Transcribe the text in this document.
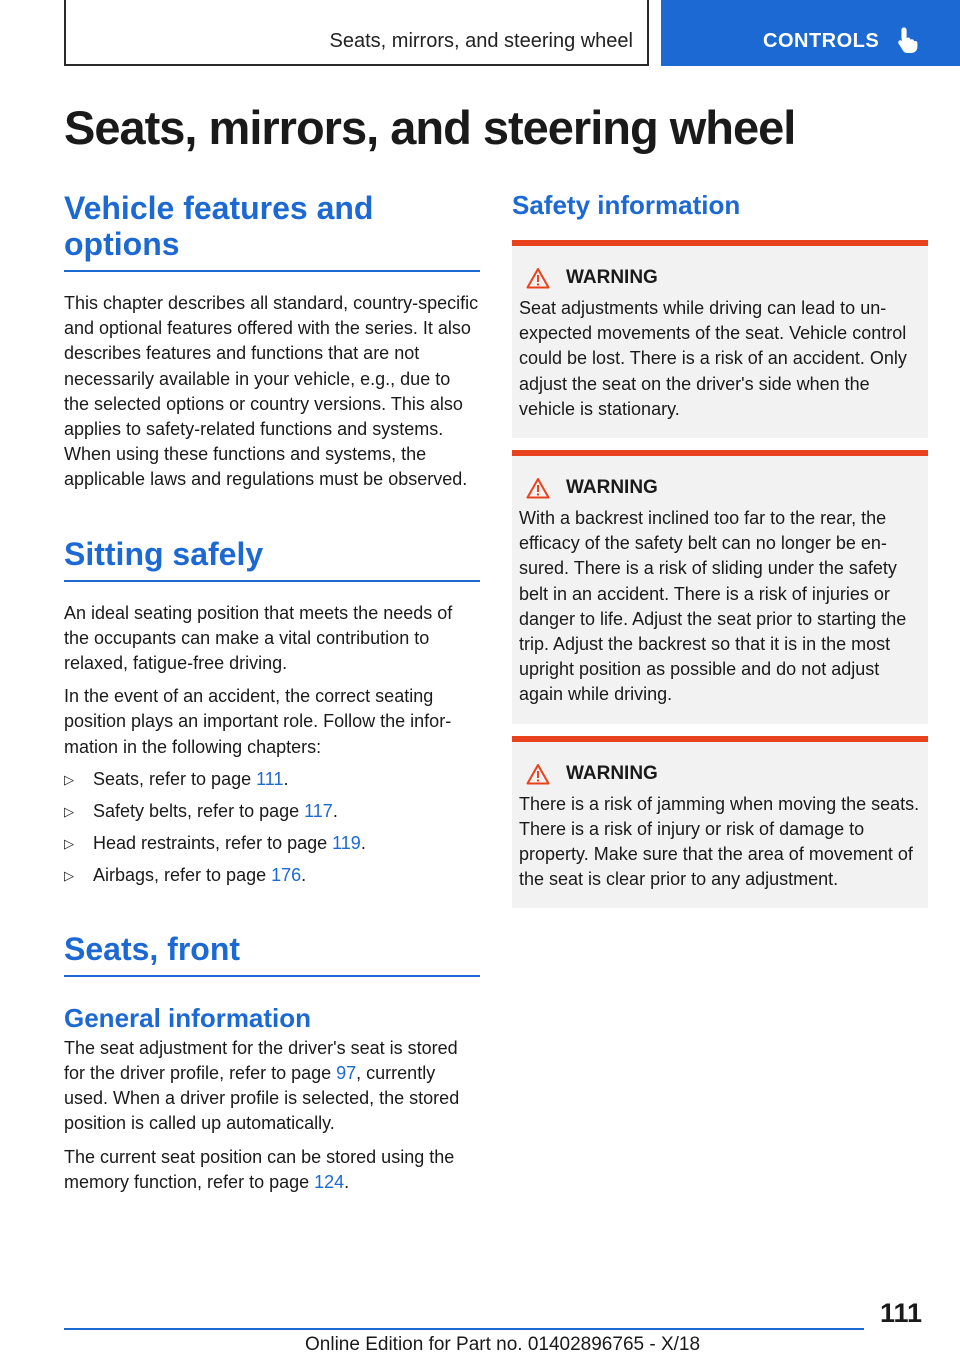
Seats, mirrors, and steering wheel	CONTROLS
Seats, mirrors, and steering wheel
Vehicle features and
options

This chapter describes all standard, country-specific and optional features offered with the series. It also describes features and functions that are not necessarily available in your vehicle, e.g., due to the selected options or country versions. This also applies to safety-related functions and systems. When using these functions and systems, the applicable laws and regulations must be observed.

Sitting safely

An ideal seating position that meets the needs of the occupants can make a vital contribution to relaxed, fatigue-free driving.

In the event of an accident, the correct seating position plays an important role. Follow the information in the following chapters:

▷ Seats, refer to page 111.
▷ Safety belts, refer to page 117.
▷ Head restraints, refer to page 119.
▷ Airbags, refer to page 176.
Seats, front
General information

The seat adjustment for the driver's seat is stored for the driver profile, refer to page 97, currently used. When a driver profile is selected, the stored position is called up automatically.

The current seat position can be stored using the memory function, refer to page 124.

Safety information
WARNING

Seat adjustments while driving can lead to unexpected movements of the seat. Vehicle control could be lost. There is a risk of an accident. Only adjust the seat on the driver's side when the vehicle is stationary.

WARNING

With a backrest inclined too far to the rear, the efficacy of the safety belt can no longer be ensured. There is a risk of sliding under the safety belt in an accident. There is a risk of injuries or danger to life. Adjust the seat prior to starting the trip. Adjust the backrest so that it is in the most upright position as possible and do not adjust again while driving.

WARNING

There is a risk of jamming when moving the seats. There is a risk of injury or risk of damage to property. Make sure that the area of movement of the seat is clear prior to any adjustment.

111
Online Edition for Part no. 01402896765 - X/18
